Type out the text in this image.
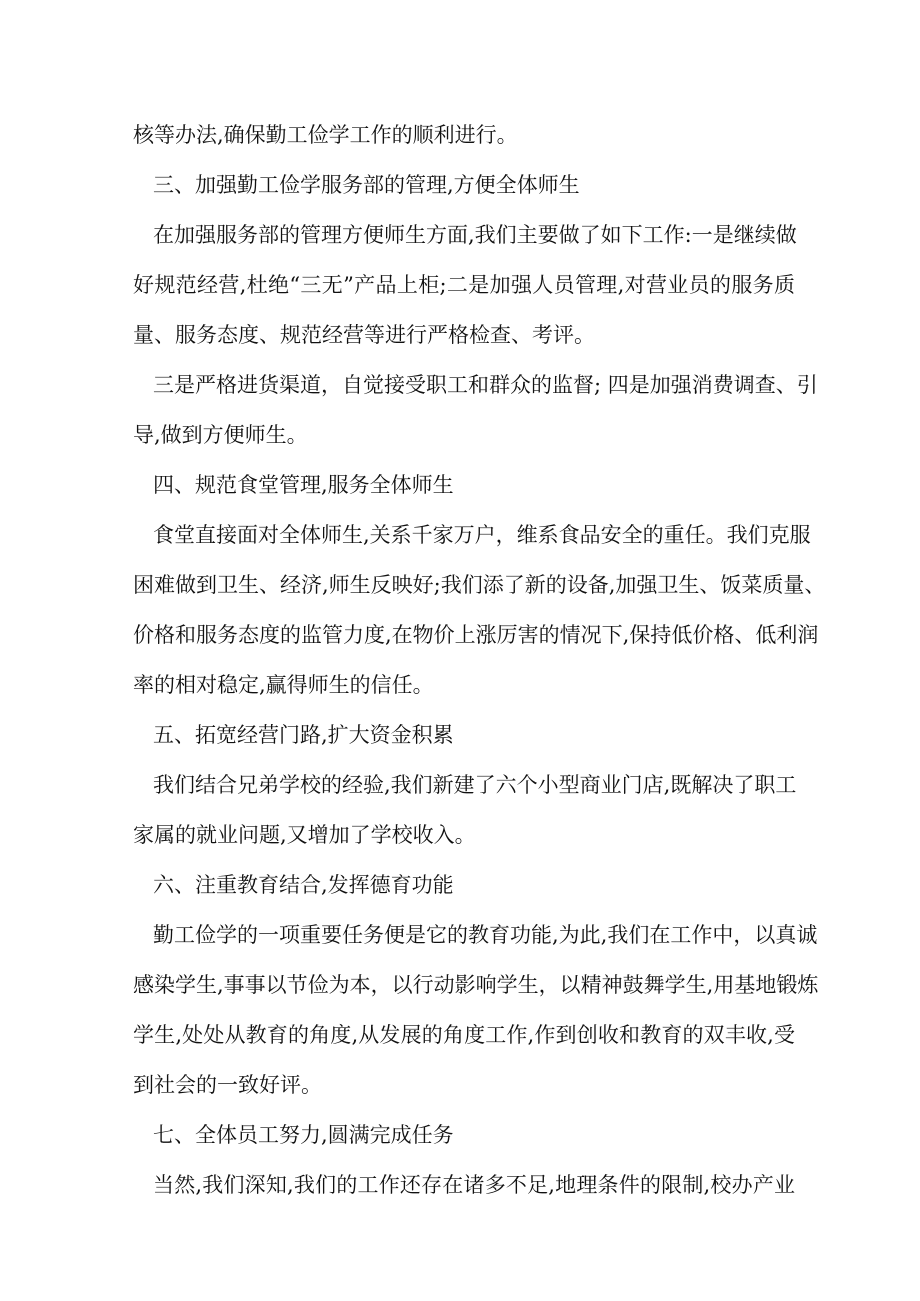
核等办法,确保勤工俭学工作的顺利进行。
三、加强勤工俭学服务部的管理,方便全体师生
在加强服务部的管理方便师生方面,我们主要做了如下工作:一是继续做
好规范经营,杜绝“三无”产品上柜;二是加强人员管理,对营业员的服务质
量、服务态度、规范经营等进行严格检查、考评。
三是严格进货渠道，自觉接受职工和群众的监督; 四是加强消费调查、引
导,做到方便师生。
四、规范食堂管理,服务全体师生
食堂直接面对全体师生,关系千家万户，维系食品安全的重任。我们克服
困难做到卫生、经济,师生反映好;我们添了新的设备,加强卫生、饭菜质量、
价格和服务态度的监管力度,在物价上涨厉害的情况下,保持低价格、低利润
率的相对稳定,赢得师生的信任。
五、拓宽经营门路,扩大资金积累
我们结合兄弟学校的经验,我们新建了六个小型商业门店,既解决了职工
家属的就业问题,又增加了学校收入。
六、注重教育结合,发挥德育功能
勤工俭学的一项重要任务便是它的教育功能,为此,我们在工作中，以真诚
感染学生,事事以节俭为本，以行动影响学生，以精神鼓舞学生,用基地锻炼
学生,处处从教育的角度,从发展的角度工作,作到创收和教育的双丰收,受
到社会的一致好评。
七、全体员工努力,圆满完成任务
当然,我们深知,我们的工作还存在诸多不足,地理条件的限制,校办产业
